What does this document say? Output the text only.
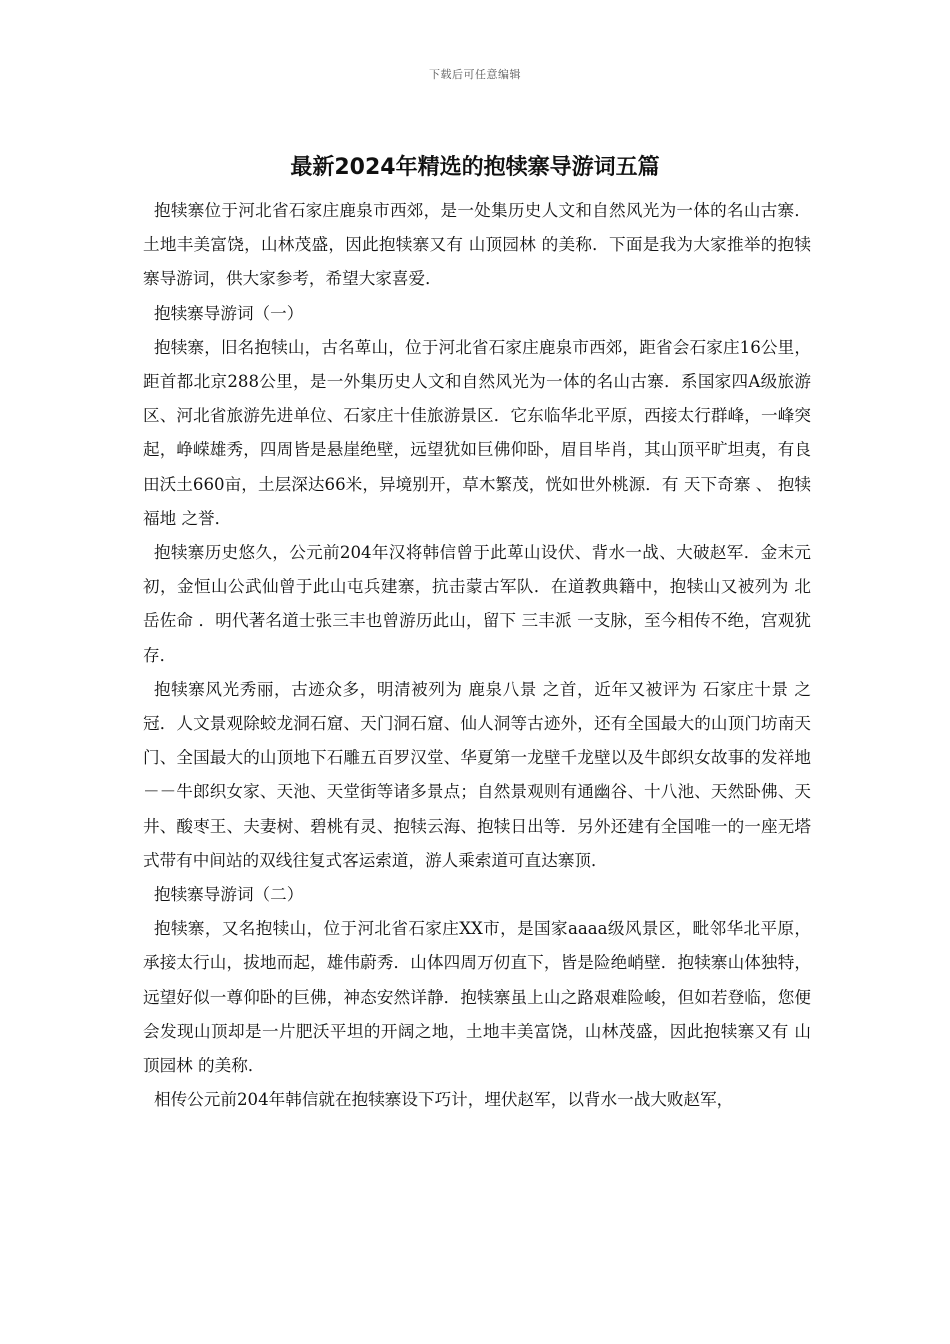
下载后可任意编辑
最新2024年精选的抱犊寨导游词五篇

抱犊寨位于河北省石家庄鹿泉市西郊，是一处集历史人文和自然风光为一体的名山古寨．土地丰美富饶，山林茂盛，因此抱犊寨又有 山顶园林 的美称．下面是我为大家推举的抱犊寨导游词，供大家参考，希望大家喜爱．

抱犊寨导游词（一）

抱犊寨，旧名抱犊山，古名萆山，位于河北省石家庄鹿泉市西郊，距省会石家庄16公里，距首都北京288公里，是一外集历史人文和自然风光为一体的名山古寨．系国家四A级旅游区、河北省旅游先进单位、石家庄十佳旅游景区．它东临华北平原，西接太行群峰，一峰突起，峥嵘雄秀，四周皆是悬崖绝壁，远望犹如巨佛仰卧，眉目毕肖，其山顶平旷坦夷，有良田沃土660亩，土层深达66米，异境别开，草木繁茂，恍如世外桃源．有 天下奇寨 、 抱犊福地 之誉．

抱犊寨历史悠久，公元前204年汉将韩信曾于此萆山设伏、背水一战、大破赵军．金末元初，金恒山公武仙曾于此山屯兵建寨，抗击蒙古军队．在道教典籍中，抱犊山又被列为 北岳佐命 ．明代著名道士张三丰也曾游历此山，留下 三丰派 一支脉，至今相传不绝，宫观犹存．

抱犊寨风光秀丽，古迹众多，明清被列为 鹿泉八景 之首，近年又被评为 石家庄十景 之冠．人文景观除蛟龙洞石窟、天门洞石窟、仙人洞等古迹外，还有全国最大的山顶门坊南天门、全国最大的山顶地下石雕五百罗汉堂、华夏第一龙壁千龙壁以及牛郎织女故事的发祥地－－牛郎织女家、天池、天堂街等诸多景点；自然景观则有通幽谷、十八池、天然卧佛、天井、酸枣王、夫妻树、碧桃有灵、抱犊云海、抱犊日出等．另外还建有全国唯一的一座无塔式带有中间站的双线往复式客运索道，游人乘索道可直达寨顶．

抱犊寨导游词（二）

抱犊寨，又名抱犊山，位于河北省石家庄XX市，是国家aaaa级风景区，毗邻华北平原，承接太行山，拔地而起，雄伟蔚秀．山体四周万仞直下，皆是险绝峭壁．抱犊寨山体独特，远望好似一尊仰卧的巨佛，神态安然详静．抱犊寨虽上山之路艰难险峻，但如若登临，您便会发现山顶却是一片肥沃平坦的开阔之地，土地丰美富饶，山林茂盛，因此抱犊寨又有 山顶园林 的美称．

相传公元前204年韩信就在抱犊寨设下巧计，埋伏赵军，以背水一战大败赵军，
